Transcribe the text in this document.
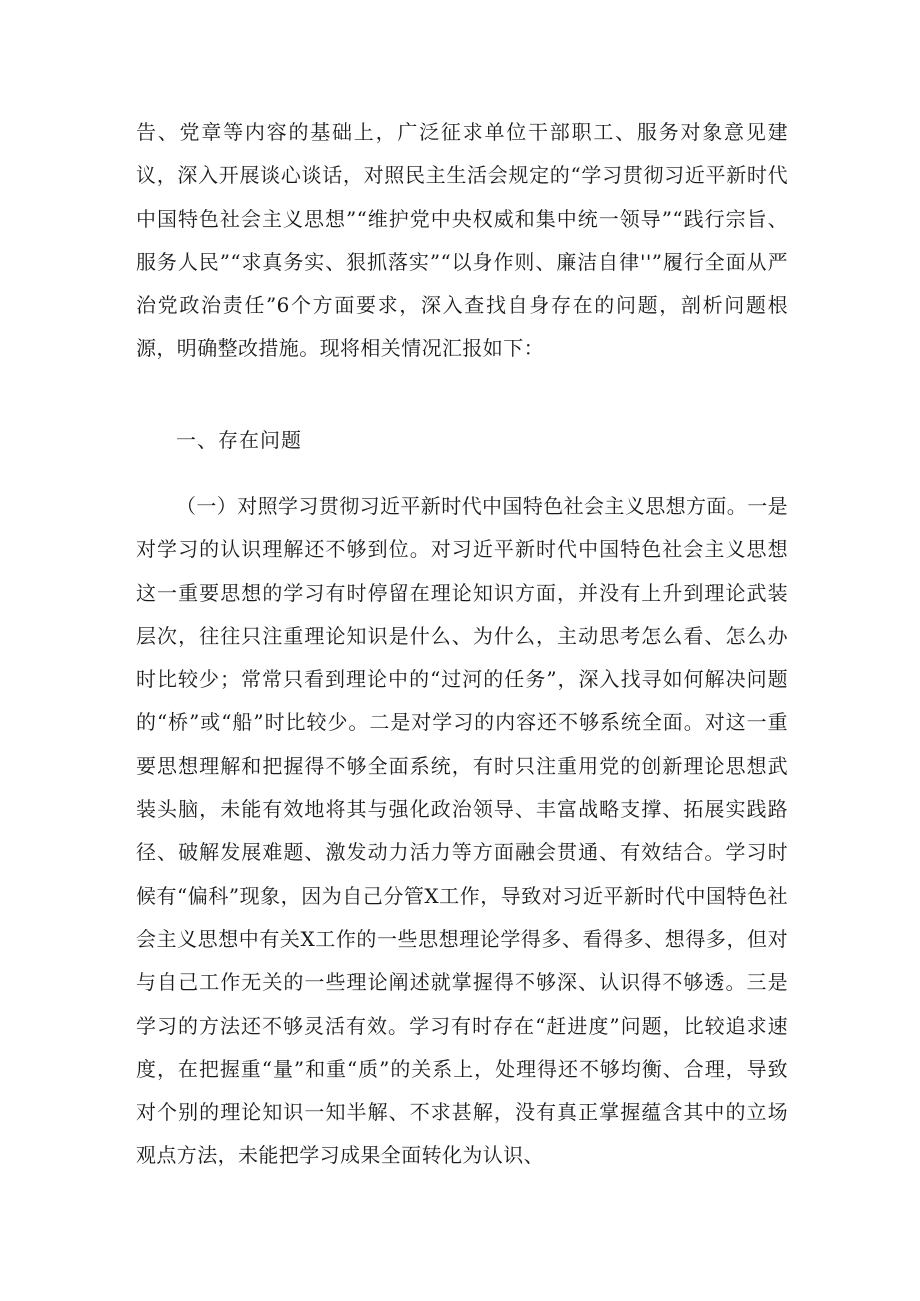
告、党章等内容的基础上，广泛征求单位干部职工、服务对象意见建议，深入开展谈心谈话，对照民主生活会规定的“学习贯彻习近平新时代中国特色社会主义思想”“维护党中央权威和集中统一领导”“践行宗旨、服务人民”“求真务实、狠抓落实”“以身作则、廉洁自律''”履行全面从严治党政治责任”6个方面要求，深入查找自身存在的问题，剖析问题根源，明确整改措施。现将相关情况汇报如下：

一、存在问题

（一）对照学习贯彻习近平新时代中国特色社会主义思想方面。一是对学习的认识理解还不够到位。对习近平新时代中国特色社会主义思想这一重要思想的学习有时停留在理论知识方面，并没有上升到理论武装层次，往往只注重理论知识是什么、为什么，主动思考怎么看、怎么办时比较少；常常只看到理论中的“过河的任务”，深入找寻如何解决问题的“桥”或“船”时比较少。二是对学习的内容还不够系统全面。对这一重要思想理解和把握得不够全面系统，有时只注重用党的创新理论思想武装头脑，未能有效地将其与强化政治领导、丰富战略支撑、拓展实践路径、破解发展难题、激发动力活力等方面融会贯通、有效结合。学习时候有“偏科”现象，因为自己分管X工作，导致对习近平新时代中国特色社会主义思想中有关X工作的一些思想理论学得多、看得多、想得多，但对与自己工作无关的一些理论阐述就掌握得不够深、认识得不够透。三是学习的方法还不够灵活有效。学习有时存在“赶进度”问题，比较追求速度，在把握重“量”和重“质”的关系上，处理得还不够均衡、合理，导致对个别的理论知识一知半解、不求甚解，没有真正掌握蕴含其中的立场观点方法，未能把学习成果全面转化为认识、
